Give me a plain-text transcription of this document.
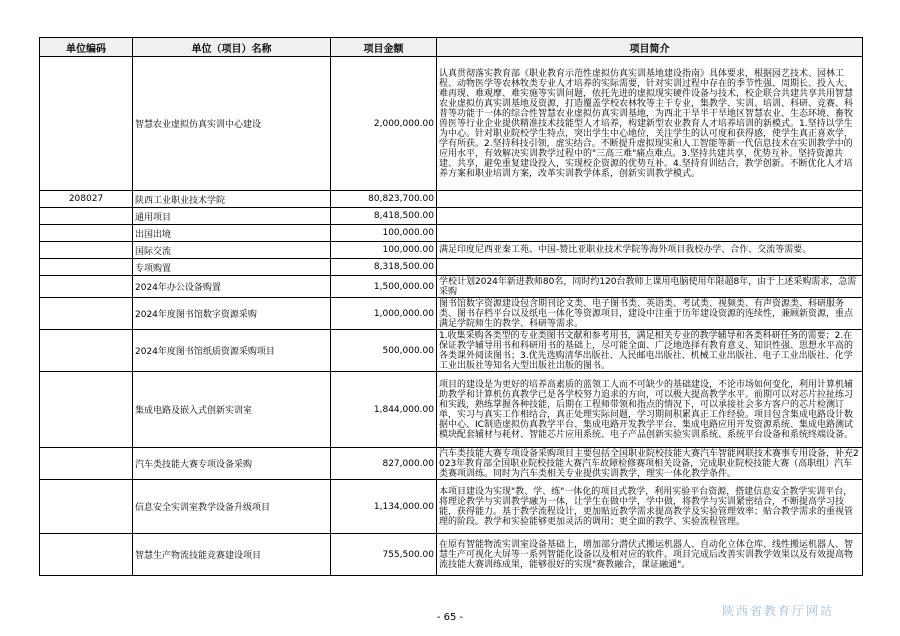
单位编码	单位（项目）名称	项目金额	项目简介
	智慧农业虚拟仿真实训中心建设	2,000,000.00	认真贯彻落实教育部《职业教育示范性虚拟仿真实训基地建设指南》具体要求，根据园艺技术、园林工程、动物医学等农林牧类专业人才培养的实际需要，针对实训过程中存在的季节性强、周期长、投入大、难再现、难观摩、难实施等实训问题，依托先进的虚拟现实硬件设备与技术，校企联合共建共享共用智慧农业虚拟仿真实训基地及资源，打造覆盖学校农林牧等主干专业，集教学、实训、培训、科研、竞赛、科普等功能于一体的综合性智慧农业虚拟仿真实训基地，为西北干旱半干旱地区智慧农业、生态环境、畜牧兽医等行业企业提供精准技术技能型人才培养，构建新型农业教育人才培养培训的新模式。1.坚持以学生为中心。针对职业院校学生特点，突出学生中心地位，关注学生的认可度和获得感，使学生真正喜欢学，学有所获。2.坚持科技引领，虚实结合。不断提升虚拟现实和人工智能等新一代信息技术在实训教学中的应用水平，有效解决实训教学过程中的"三高三难"痛点难点。3.坚持共建共享，优势互补。坚持资源共建、共享，避免重复建设投入，实现校企资源的优势互补。4.坚持育训结合，教学创新。不断优化人才培养方案和职业培训方案，改革实训教学体系，创新实训教学模式。
208027	陕西工业职业技术学院	80,823,700.00	
	通用项目	8,418,500.00	
	出国出境	100,000.00	
	国际交流	100,000.00	满足印度尼西亚秦工苑、中国-赞比亚职业技术学院等海外项目我校办学、合作、交流等需要。
	专项购置	8,318,500.00	
	2024年办公设备购置	1,500,000.00	学校计划2024年新进教师80名，同时约120台教师上课用电脑使用年限超8年，由于上述采购需求，急需采购
	2024年度图书馆数字资源采购	1,000,000.00	图书馆数字资源建设包含期刊论文类、电子图书类、英语类、考试类、视频类、有声资源类、科研服务类、图书存档平台以及纸电一体化等资源项目，建设中注重于历年建设资源的连续性，兼顾新资源，重点满足学院师生的教学、科研等需求。
	2024年度图书馆纸质资源采购项目	500,000.00	1.收集采购各类型的专业类图书文献和参考用书，满足相关专业的教学辅导和各类科研任务的需要；2.在保证教学辅导用书和科研用书的基础上，尽可能全面、广泛地选择有教育意义、知识性强、思想水平高的各类课外阅读图书；3.优先选购清华出版社、人民邮电出版社、机械工业出版社、电子工业出版社、化学工业出版社等知名大型出版社出版的图书。
	集成电路及嵌入式创新实训室	1,844,000.00	项目的建设是为更好的培养高素质的蓝领工人而不可缺少的基础建设，不论市场如何变化，利用计算机辅助教学和计算机仿真教学已是各学校努力追求的方向，可以极大提高教学水平。前期可以对芯片拉扯练习和实践，熟练掌握各种技能，后期在工程师带领和指点的情况下，可以承接社会多方客户的芯片检测订单，实习与真实工作相结合，真正处理实际问题，学习期间积累真正工作经验。项目包含集成电路设计数据中心、IC制造虚拟仿真教学平台、集成电路开发教学平台、集成电路应用开发资源系统、集成电路测试模块配套辅材与耗材、智能芯片应用系统、电子产品创新实验实训系统、系统平台设备和系统终端设备。
	汽车类技能大赛专项设备采购	827,000.00	汽车类技能大赛专项设备采购项目主要包括全国职业院校技能大赛汽车智能网联技术赛事专用设备，补充2023年教育部全国职业院校技能大赛汽车故障检修赛项相关设备，完成职业院校技能大赛（高职组）汽车类赛项训练。同时为汽车类相关专业提供实训教学，理实一体化教学条件。
	信息安全实训室教学设备升级项目	1,134,000.00	本项目建设为实现"教、学、练"一体化的项目式教学，利用实验平台资源，搭建信息安全教学实训平台，将理论教学与实训教学融为一体，让学生在做中学，学中做，将教学与实训紧密结合，不断提高学习技能，获得能力。基于教学流程设计，更加贴近教学需求提高教学及实验管理效率；贴合教学需求的重视管理的阶段。教学和实验能够更加灵活的调用；更全面的教学、实验流程管理。
	智慧生产物流技能竞赛建设项目	755,500.00	在原有智能物流实训室设备基础上，增加部分潜伏式搬运机器人、自动化立体仓库、线性搬运机器人、智慧生产可视化大屏等一系列智能化设备以及相对应的软件。项目完成后改善实训教学效果以及有效提高物流技能大赛训练成果，能够很好的实现"赛教融合，课证融通"。
- 65 -	陕西省教育厅网站
